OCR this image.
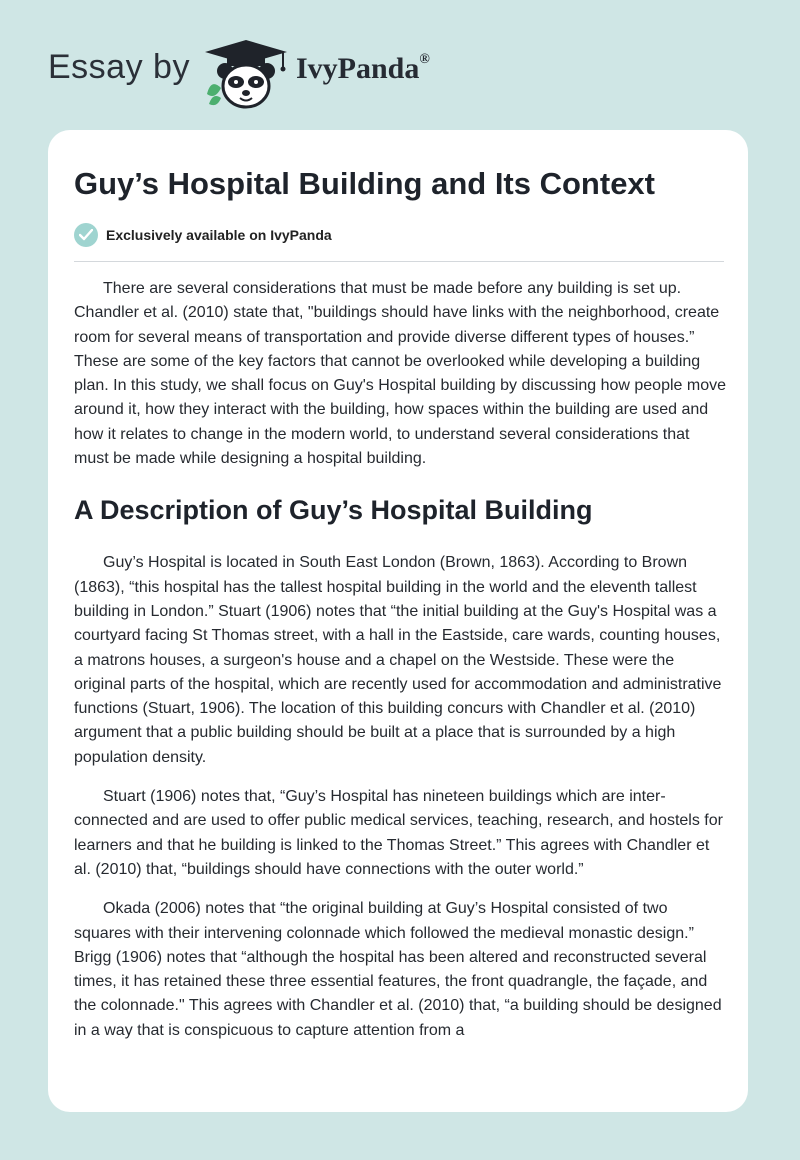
Essay by	IvyPanda®
Guy’s Hospital Building and Its Context
Exclusively available on IvyPanda

There are several considerations that must be made before any building is set up. Chandler et al. (2010) state that, "buildings should have links with the neighborhood, create room for several means of transportation and provide diverse different types of houses.” These are some of the key factors that cannot be overlooked while developing a building plan. In this study, we shall focus on Guy's Hospital building by discussing how people move around it, how they interact with the building, how spaces within the building are used and how it relates to change in the modern world, to understand several considerations that must be made while designing a hospital building.

A Description of Guy’s Hospital Building

Guy’s Hospital is located in South East London (Brown, 1863). According to Brown (1863), “this hospital has the tallest hospital building in the world and the eleventh tallest building in London.” Stuart (1906) notes that “the initial building at the Guy's Hospital was a courtyard facing St Thomas street, with a hall in the Eastside, care wards, counting houses, a matrons houses, a surgeon's house and a chapel on the Westside. These were the original parts of the hospital, which are recently used for accommodation and administrative functions (Stuart, 1906). The location of this building concurs with Chandler et al. (2010) argument that a public building should be built at a place that is surrounded by a high population density.

Stuart (1906) notes that, “Guy’s Hospital has nineteen buildings which are inter-connected and are used to offer public medical services, teaching, research, and hostels for learners and that he building is linked to the Thomas Street.” This agrees with Chandler et al. (2010) that, “buildings should have connections with the outer world.”

Okada (2006) notes that “the original building at Guy’s Hospital consisted of two squares with their intervening colonnade which followed the medieval monastic design.” Brigg (1906) notes that “although the hospital has been altered and reconstructed several times, it has retained these three essential features, the front quadrangle, the façade, and the colonnade." This agrees with Chandler et al. (2010) that, “a building should be designed in a way that is conspicuous to capture attention from a
